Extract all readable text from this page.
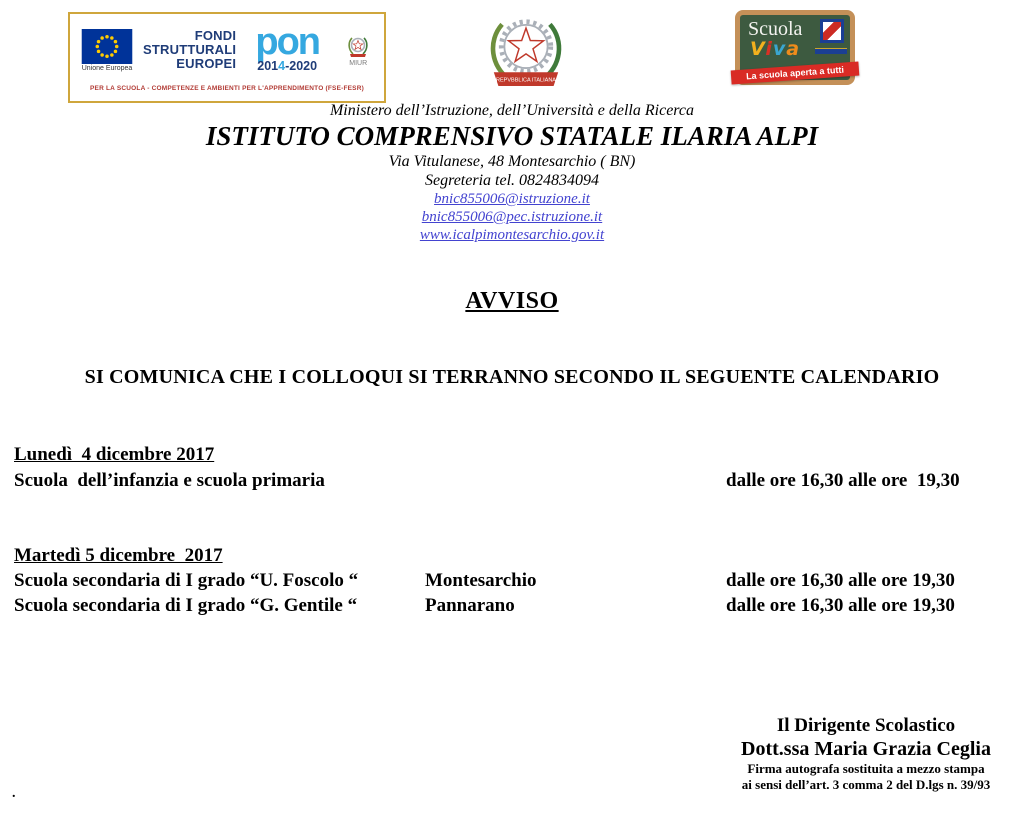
Unione Europea
FONDI
STRUTTURALI
EUROPEI
pon
2014-2020	MIUR
PER LA SCUOLA - COMPETENZE E AMBIENTI PER L'APPRENDIMENTO (FSE-FESR)
REPVBBLICA ITALIANA
Scuola
Viva
La scuola aperta a tutti
Ministero dell’Istruzione, dell’Università e della Ricerca
ISTITUTO COMPRENSIVO STATALE ILARIA ALPI
Via Vitulanese, 48 Montesarchio ( BN)
Segreteria tel. 0824834094
bnic855006@istruzione.it
bnic855006@pec.istruzione.it
www.icalpimontesarchio.gov.it
AVVISO
SI COMUNICA CHE I COLLOQUI SI TERRANNO SECONDO IL SEGUENTE CALENDARIO
Lunedì  4 dicembre 2017
Scuola  dell’infanzia e scuola primaria	dalle ore 16,30 alle ore  19,30
Martedì 5 dicembre  2017
Scuola secondaria di I grado “U. Foscolo “	Montesarchio	dalle ore 16,30 alle ore 19,30
Scuola secondaria di I grado “G. Gentile “	Pannarano	dalle ore 16,30 alle ore 19,30
Il Dirigente Scolastico
Dott.ssa Maria Grazia Ceglia
Firma autografa sostituita a mezzo stampa
ai sensi dell’art. 3 comma 2 del D.lgs n. 39/93
.
